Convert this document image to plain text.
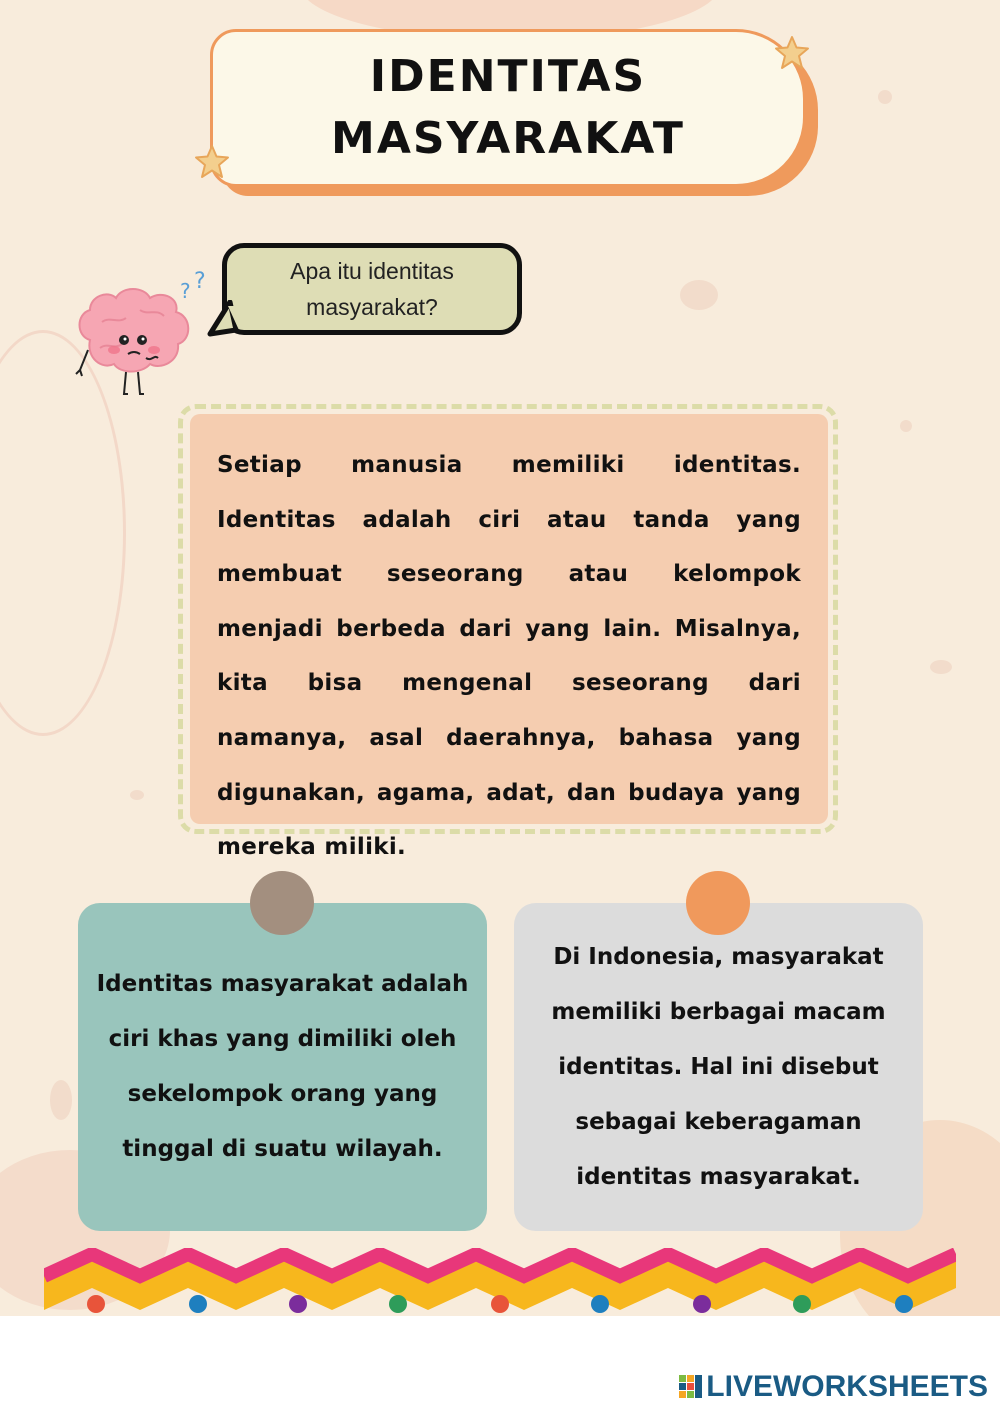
IDENTITAS
MASYARAKAT
? ?	Apa itu identitas
masyarakat?

Setiap manusia memiliki identitas. Identitas adalah ciri atau tanda yang membuat seseorang atau kelompok menjadi berbeda dari yang lain. Misalnya, kita bisa mengenal seseorang dari namanya, asal daerahnya, bahasa yang digunakan, agama, adat, dan budaya yang mereka miliki.

Identitas masyarakat adalah
ciri khas yang dimiliki oleh
sekelompok orang yang
tinggal di suatu wilayah.

Di Indonesia, masyarakat
memiliki berbagai macam
identitas. Hal ini disebut
sebagai keberagaman
identitas masyarakat.

LIVEWORKSHEETS
